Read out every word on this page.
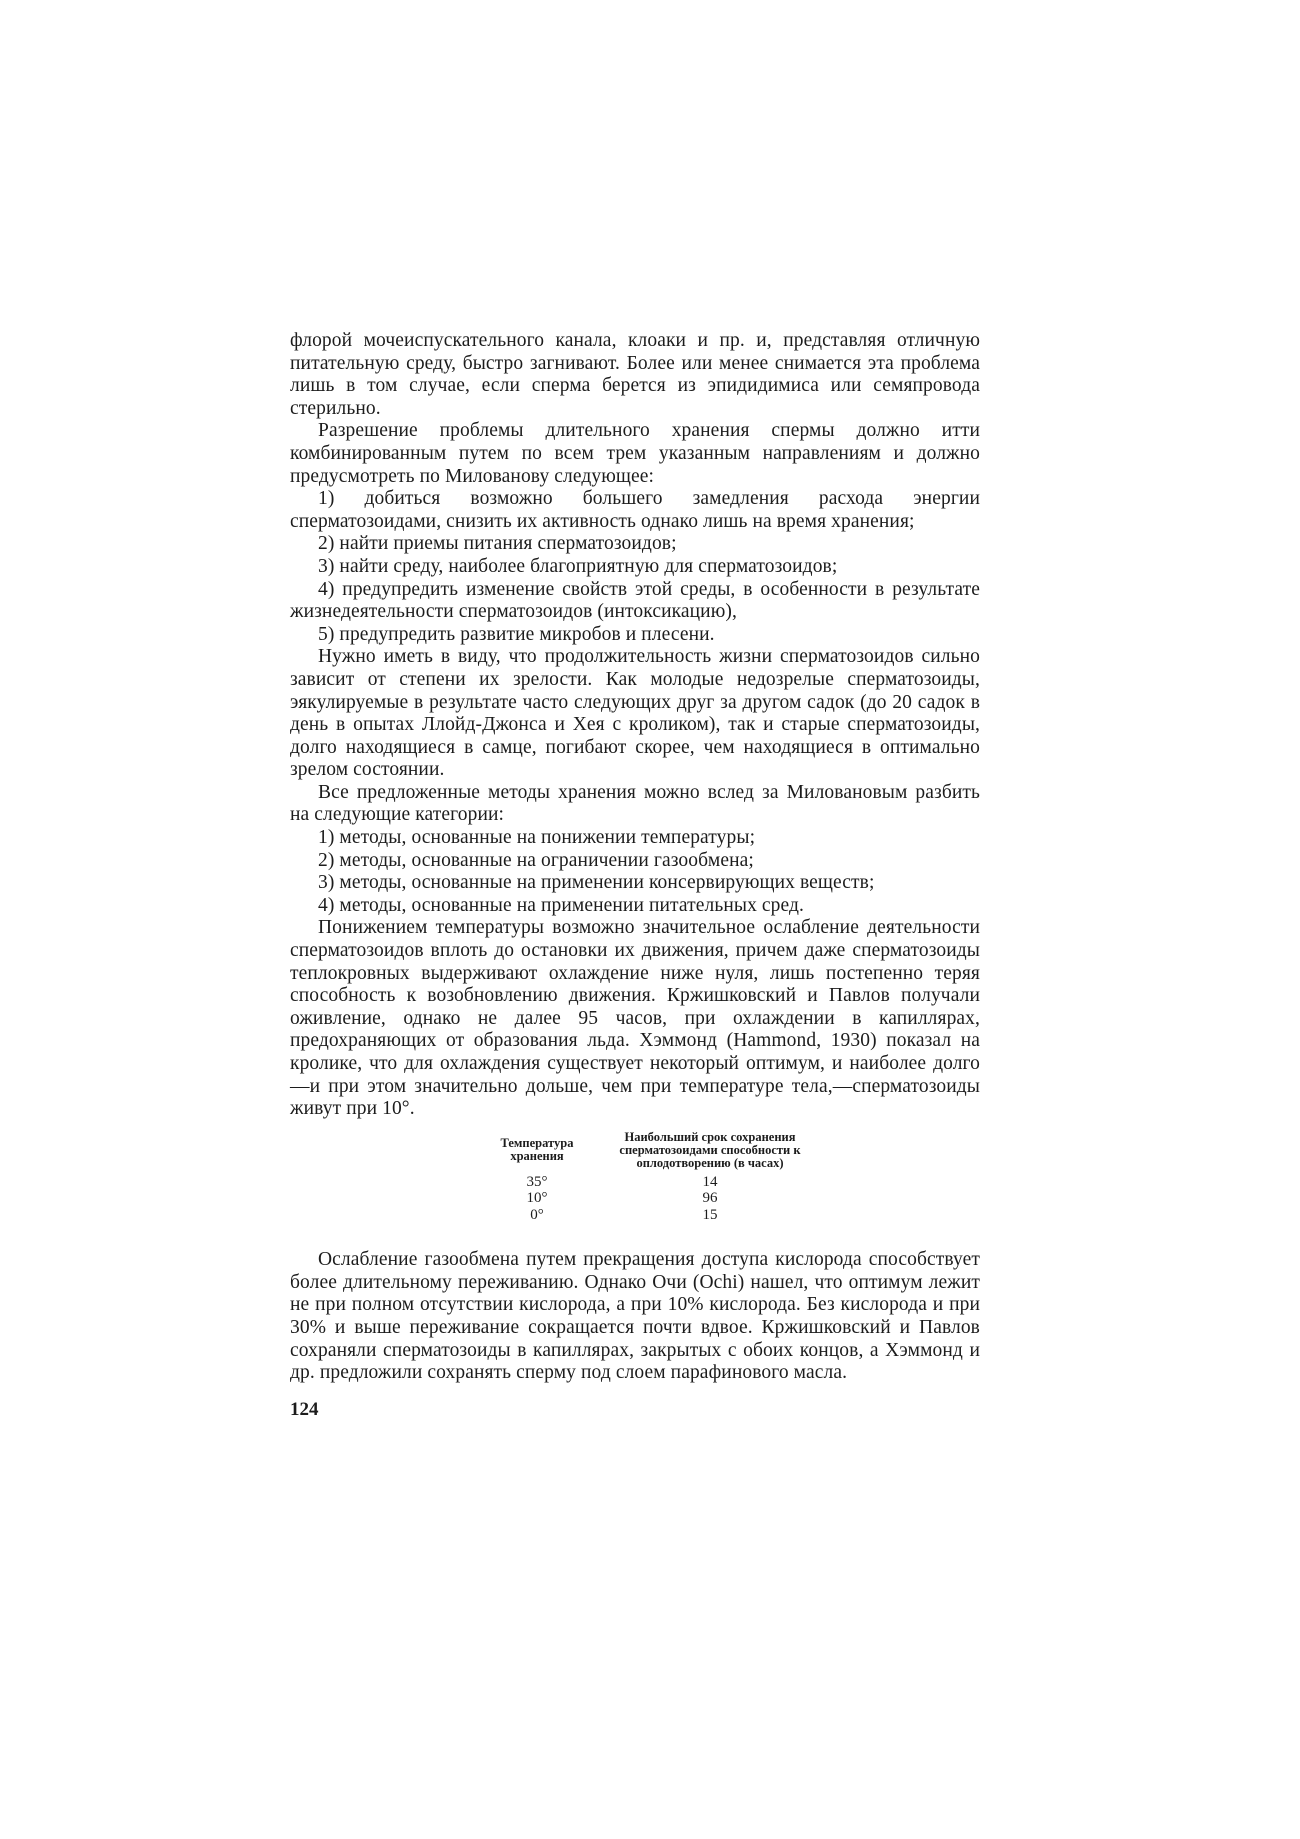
флорой мочеиспускательного канала, клоаки и пр. и, представляя отличную питательную среду, быстро загнивают. Более или менее снимается эта проблема лишь в том случае, если сперма берется из эпидидимиса или семяпровода стерильно.

Разрешение проблемы длительного хранения спермы должно итти комбинированным путем по всем трем указанным направлениям и должно предусмотреть по Милованову следующее:

1) добиться возможно большего замедления расхода энергии сперматозоидами, снизить их активность однако лишь на время хранения;

2) найти приемы питания сперматозоидов;

3) найти среду, наиболее благоприятную для сперматозоидов;

4) предупредить изменение свойств этой среды, в особенности в результате жизнедеятельности сперматозоидов (интоксикацию),

5) предупредить развитие микробов и плесени.

Нужно иметь в виду, что продолжительность жизни сперматозоидов сильно зависит от степени их зрелости. Как молодые недозрелые сперматозоиды, эякулируемые в результате часто следующих друг за другом садок (до 20 садок в день в опытах Ллойд-Джонса и Хея с кроликом), так и старые сперматозоиды, долго находящиеся в самце, погибают скорее, чем находящиеся в оптимально зрелом состоянии.

Все предложенные методы хранения можно вслед за Миловановым разбить на следующие категории:

1) методы, основанные на понижении температуры;

2) методы, основанные на ограничении газообмена;

3) методы, основанные на применении консервирующих веществ;

4) методы, основанные на применении питательных сред.

Понижением температуры возможно значительное ослабление деятельности сперматозоидов вплоть до остановки их движения, причем даже сперматозоиды теплокровных выдерживают охлаждение ниже нуля, лишь постепенно теряя способность к возобновлению движения. Кржишковский и Павлов получали оживление, однако не далее 95 часов, при охлаждении в капиллярах, предохраняющих от образования льда. Хэммонд (Hammond, 1930) показал на кролике, что для охлаждения существует некоторый оптимум, и наиболее долго—и при этом значительно дольше, чем при температуре тела,—сперматозоиды живут при 10°.

Температура хранения	Наибольший срок сохранения сперматозоидами способности к оплодотворению (в часах)
35°	14
10°	96
0°	15

Ослабление газообмена путем прекращения доступа кислорода способствует более длительному переживанию. Однако Очи (Ochi) нашел, что оптимум лежит не при полном отсутствии кислорода, а при 10% кислорода. Без кислорода и при 30% и выше переживание сокращается почти вдвое. Кржишковский и Павлов сохраняли сперматозоиды в капиллярах, закрытых с обоих концов, а Хэммонд и др. предложили сохранять сперму под слоем парафинового масла.

124
